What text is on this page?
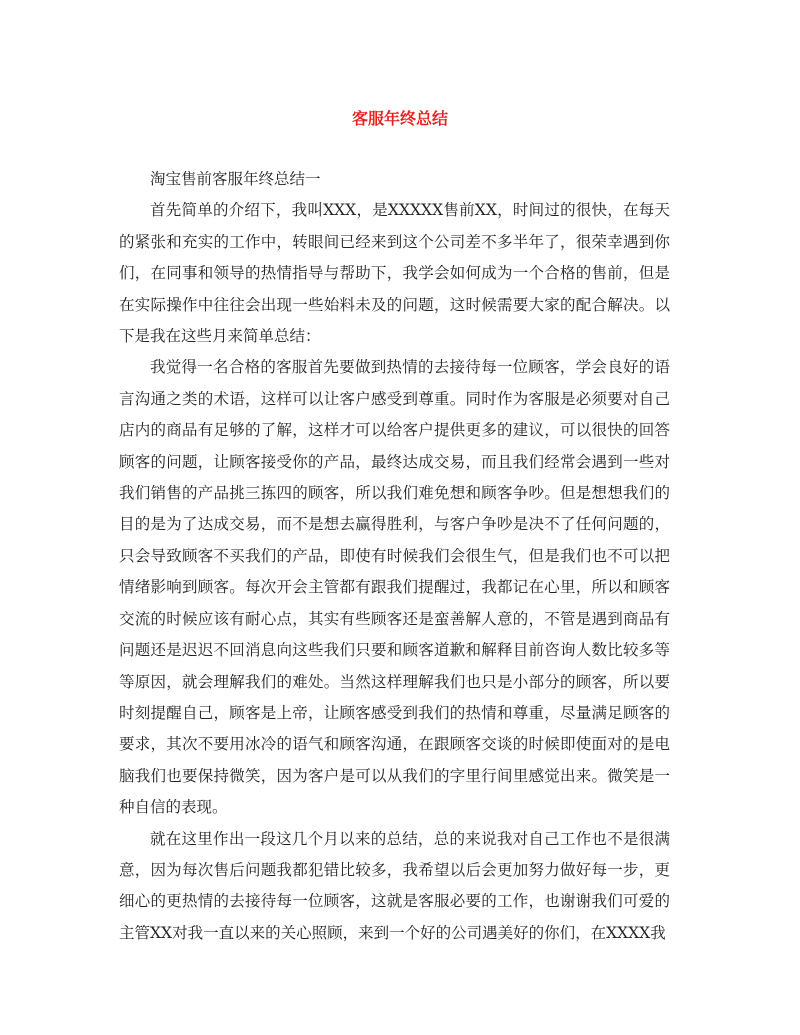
客服年终总结

淘宝售前客服年终总结一

首先简单的介绍下，我叫XXX，是XXXXX售前XX，时间过的很快，在每天的紧张和充实的工作中，转眼间已经来到这个公司差不多半年了，很荣幸遇到你们，在同事和领导的热情指导与帮助下，我学会如何成为一个合格的售前，但是在实际操作中往往会出现一些始料未及的问题，这时候需要大家的配合解决。以下是我在这些月来简单总结：

我觉得一名合格的客服首先要做到热情的去接待每一位顾客，学会良好的语言沟通之类的术语，这样可以让客户感受到尊重。同时作为客服是必须要对自己店内的商品有足够的了解，这样才可以给客户提供更多的建议，可以很快的回答顾客的问题，让顾客接受你的产品，最终达成交易，而且我们经常会遇到一些对我们销售的产品挑三拣四的顾客，所以我们难免想和顾客争吵。但是想想我们的目的是为了达成交易，而不是想去赢得胜利，与客户争吵是决不了任何问题的，只会导致顾客不买我们的产品，即使有时候我们会很生气，但是我们也不可以把情绪影响到顾客。每次开会主管都有跟我们提醒过，我都记在心里，所以和顾客交流的时候应该有耐心点，其实有些顾客还是蛮善解人意的，不管是遇到商品有问题还是迟迟不回消息向这些我们只要和顾客道歉和解释目前咨询人数比较多等等原因，就会理解我们的难处。当然这样理解我们也只是小部分的顾客，所以要时刻提醒自己，顾客是上帝，让顾客感受到我们的热情和尊重，尽量满足顾客的要求，其次不要用冰冷的语气和顾客沟通，在跟顾客交谈的时候即使面对的是电脑我们也要保持微笑，因为客户是可以从我们的字里行间里感觉出来。微笑是一种自信的表现。

就在这里作出一段这几个月以来的总结，总的来说我对自己工作也不是很满意，因为每次售后问题我都犯错比较多，我希望以后会更加努力做好每一步，更细心的更热情的去接待每一位顾客，这就是客服必要的工作，也谢谢我们可爱的主管XX对我一直以来的关心照顾，来到一个好的公司遇美好的你们，在XXXX我
